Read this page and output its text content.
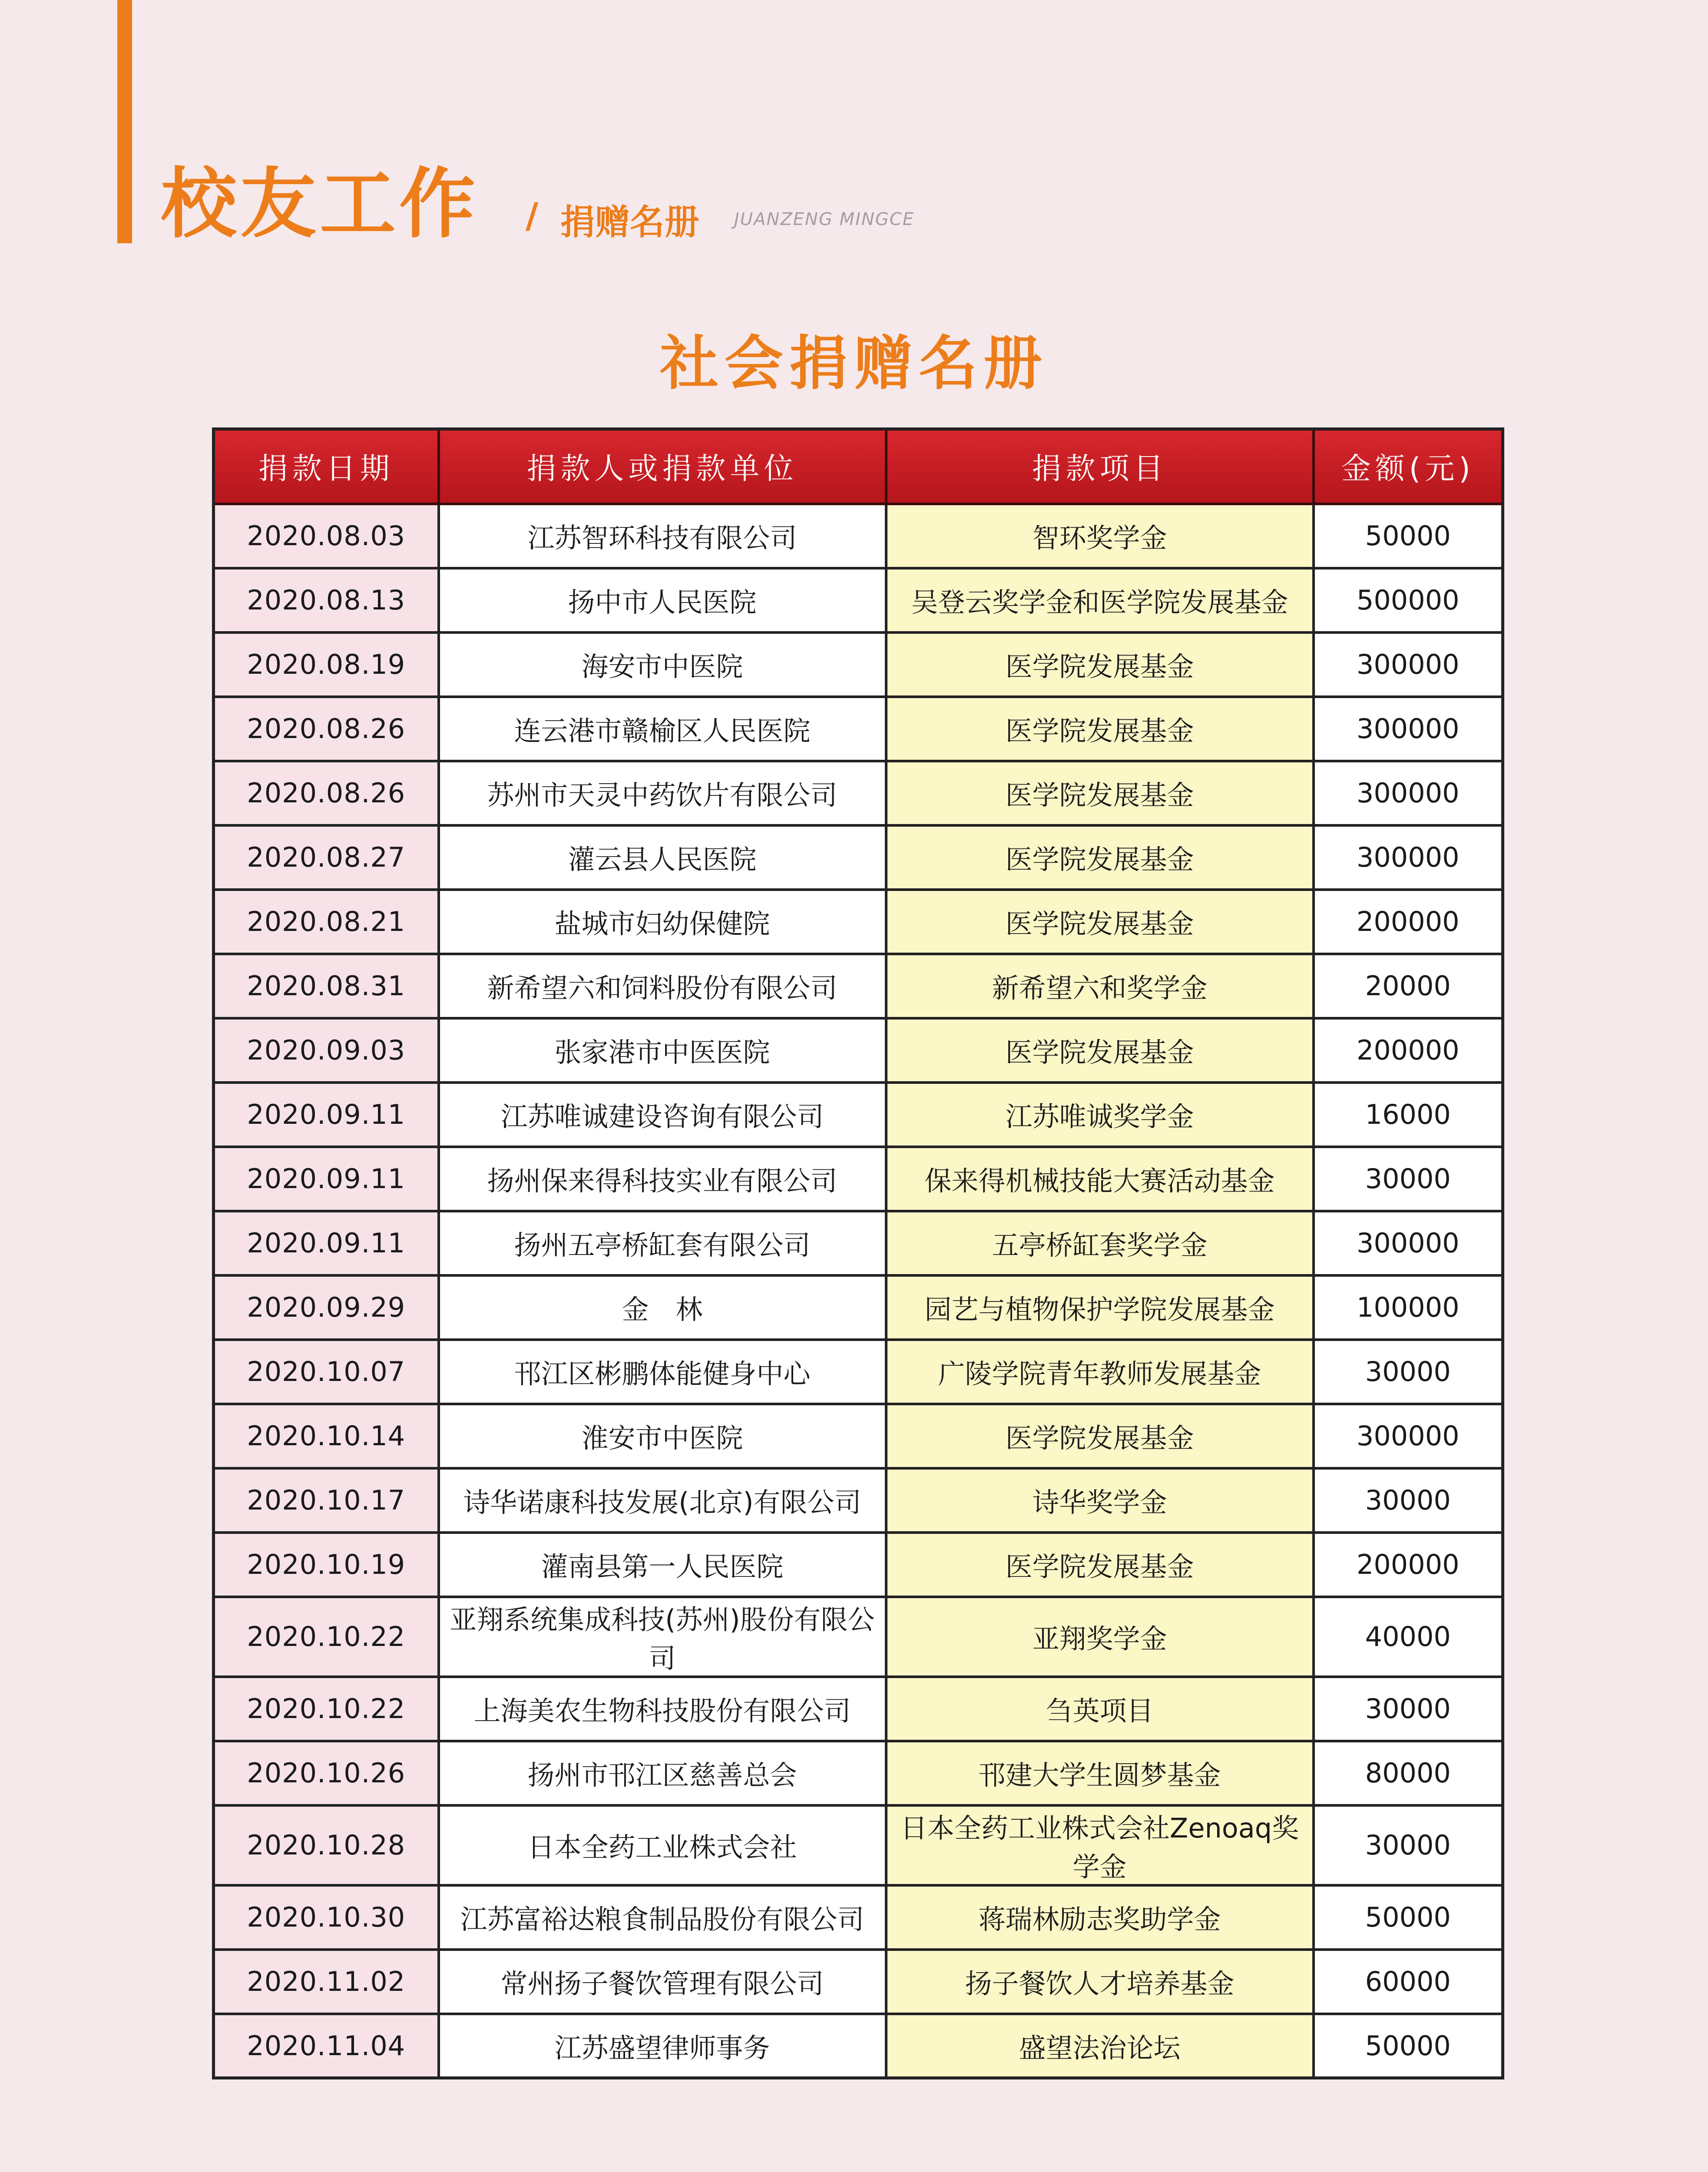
校友工作 / 捐赠名册 JUANZENG MINGCE
社会捐赠名册
捐款日期	捐款人或捐款单位	捐款项目	金额(元)
2020.08.03	江苏智环科技有限公司	智环奖学金	50000
2020.08.13	扬中市人民医院	吴登云奖学金和医学院发展基金	500000
2020.08.19	海安市中医院	医学院发展基金	300000
2020.08.26	连云港市赣榆区人民医院	医学院发展基金	300000
2020.08.26	苏州市天灵中药饮片有限公司	医学院发展基金	300000
2020.08.27	灌云县人民医院	医学院发展基金	300000
2020.08.21	盐城市妇幼保健院	医学院发展基金	200000
2020.08.31	新希望六和饲料股份有限公司	新希望六和奖学金	20000
2020.09.03	张家港市中医医院	医学院发展基金	200000
2020.09.11	江苏唯诚建设咨询有限公司	江苏唯诚奖学金	16000
2020.09.11	扬州保来得科技实业有限公司	保来得机械技能大赛活动基金	30000
2020.09.11	扬州五亭桥缸套有限公司	五亭桥缸套奖学金	300000
2020.09.29	金　林	园艺与植物保护学院发展基金	100000
2020.10.07	邗江区彬鹏体能健身中心	广陵学院青年教师发展基金	30000
2020.10.14	淮安市中医院	医学院发展基金	300000
2020.10.17	诗华诺康科技发展(北京)有限公司	诗华奖学金	30000
2020.10.19	灌南县第一人民医院	医学院发展基金	200000
2020.10.22	亚翔系统集成科技(苏州)股份有限公司	亚翔奖学金	40000
2020.10.22	上海美农生物科技股份有限公司	刍英项目	30000
2020.10.26	扬州市邗江区慈善总会	邗建大学生圆梦基金	80000
2020.10.28	日本全药工业株式会社	日本全药工业株式会社Zenoaq奖学金	30000
2020.10.30	江苏富裕达粮食制品股份有限公司	蒋瑞林励志奖助学金	50000
2020.11.02	常州扬子餐饮管理有限公司	扬子餐饮人才培养基金	60000
2020.11.04	江苏盛望律师事务	盛望法治论坛	50000
